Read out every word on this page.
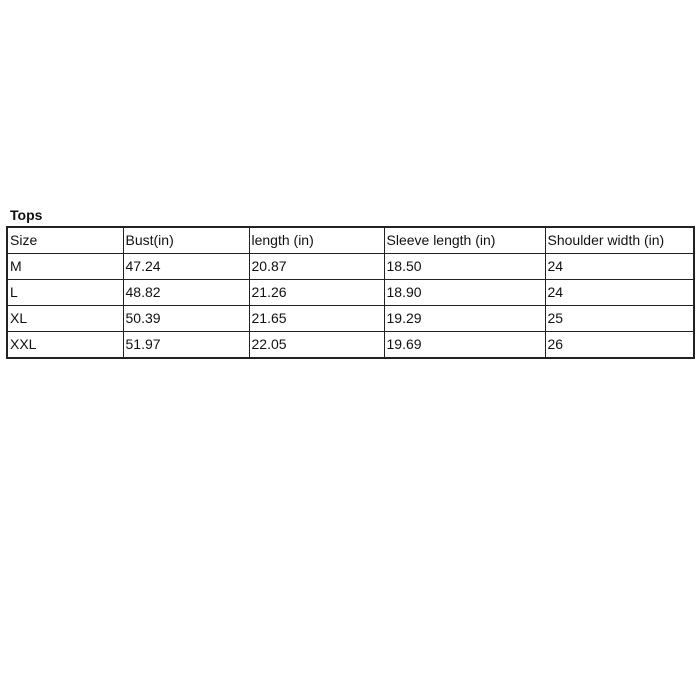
Tops
Size	Bust(in)	length (in)	Sleeve length (in)	Shoulder width (in)
M	47.24	20.87	18.50	24
L	48.82	21.26	18.90	24
XL	50.39	21.65	19.29	25
XXL	51.97	22.05	19.69	26
